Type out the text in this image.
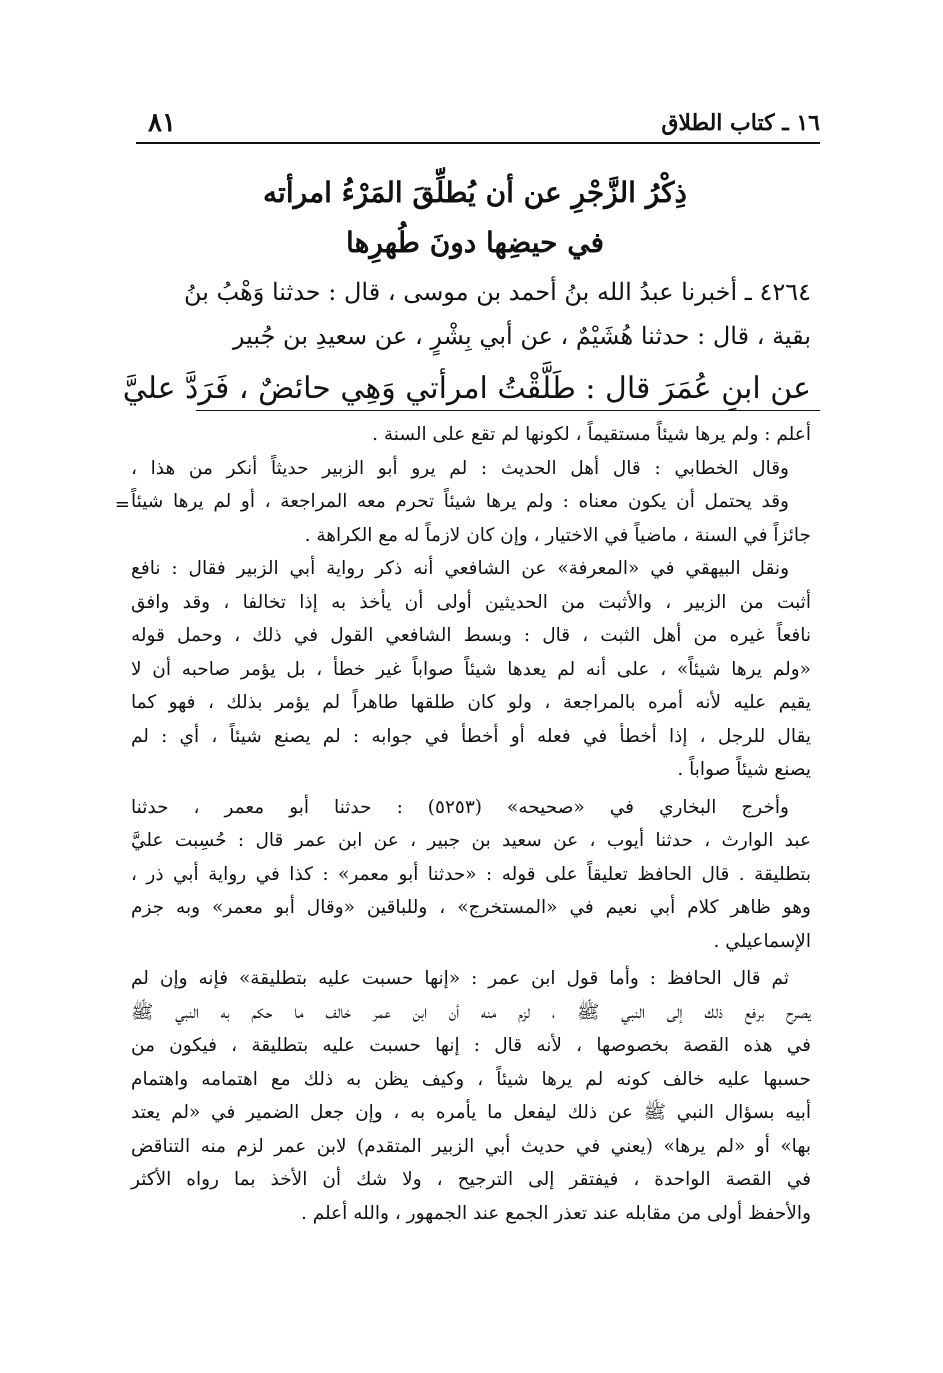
١٦ ـ كتاب الطلاق
٨١
ذِكْرُ الزَّجْرِ عن أن يُطلِّقَ المَرْءُ امرأته
في حيضِها دونَ طُهرِها
٤٢٦٤ ـ أخبرنا عبدُ الله بنُ أحمد بن موسى ، قال : حدثنا وَهْبُ بنُ
بقية ، قال : حدثنا هُشَيْمٌ ، عن أبي بِشْرٍ ، عن سعيدِ بن جُبير
عن ابنِ عُمَرَ قال : طَلَّقْتُ امرأتي وَهِي حائضٌ ، فَرَدَّ عليَّ
=
أعلم : ولم يرها شيئاً مستقيماً ، لكونها لم تقع على السنة .
وقال الخطابي : قال أهل الحديث : لم يرو أبو الزبير حديثاً أنكر من هذا ،
وقد يحتمل أن يكون معناه : ولم يرها شيئاً تحرم معه المراجعة ، أو لم يرها شيئاً
جائزاً في السنة ، ماضياً في الاختيار ، وإن كان لازماً له مع الكراهة .
ونقل البيهقي في «المعرفة» عن الشافعي أنه ذكر رواية أبي الزبير فقال : نافع
أثبت من الزبير ، والأثبت من الحديثين أولى أن يأخذ به إذا تخالفا ، وقد وافق
نافعاً غيره من أهل الثبت ، قال : وبسط الشافعي القول في ذلك ، وحمل قوله
«ولم يرها شيئاً» ، على أنه لم يعدها شيئاً صواباً غير خطأ ، بل يؤمر صاحبه أن لا
يقيم عليه لأنه أمره بالمراجعة ، ولو كان طلقها طاهراً لم يؤمر بذلك ، فهو كما
يقال للرجل ، إذا أخطأ في فعله أو أخطأ في جوابه : لم يصنع شيئاً ، أي : لم
يصنع شيئاً صواباً .
وأخرج البخاري في «صحيحه» (٥٢٥٣) : حدثنا أبو معمر ، حدثنا
عبد الوارث ، حدثنا أيوب ، عن سعيد بن جبير ، عن ابن عمر قال : حُسِبت عليَّ
بتطليقة . قال الحافظ تعليقاً على قوله : «حدثنا أبو معمر» : كذا في رواية أبي ذر ،
وهو ظاهر كلام أبي نعيم في «المستخرج» ، وللباقين «وقال أبو معمر» وبه جزم
الإسماعيلي .
ثم قال الحافظ : وأما قول ابن عمر : «إنها حسبت عليه بتطليقة» فإنه وإن لم
يصرح برفع ذلك إلى النبي ﷺ ، لزم منه أن ابن عمر خالف ما حكم به النبي ﷺ
في هذه القصة بخصوصها ، لأنه قال : إنها حسبت عليه بتطليقة ، فيكون من
حسبها عليه خالف كونه لم يرها شيئاً ، وكيف يظن به ذلك مع اهتمامه واهتمام
أبيه بسؤال النبي ﷺ عن ذلك ليفعل ما يأمره به ، وإن جعل الضمير في «لم يعتد
بها» أو «لم يرها» (يعني في حديث أبي الزبير المتقدم) لابن عمر لزم منه التناقض
في القصة الواحدة ، فيفتقر إلى الترجيح ، ولا شك أن الأخذ بما رواه الأكثر
والأحفظ أولى من مقابله عند تعذر الجمع عند الجمهور ، والله أعلم .
